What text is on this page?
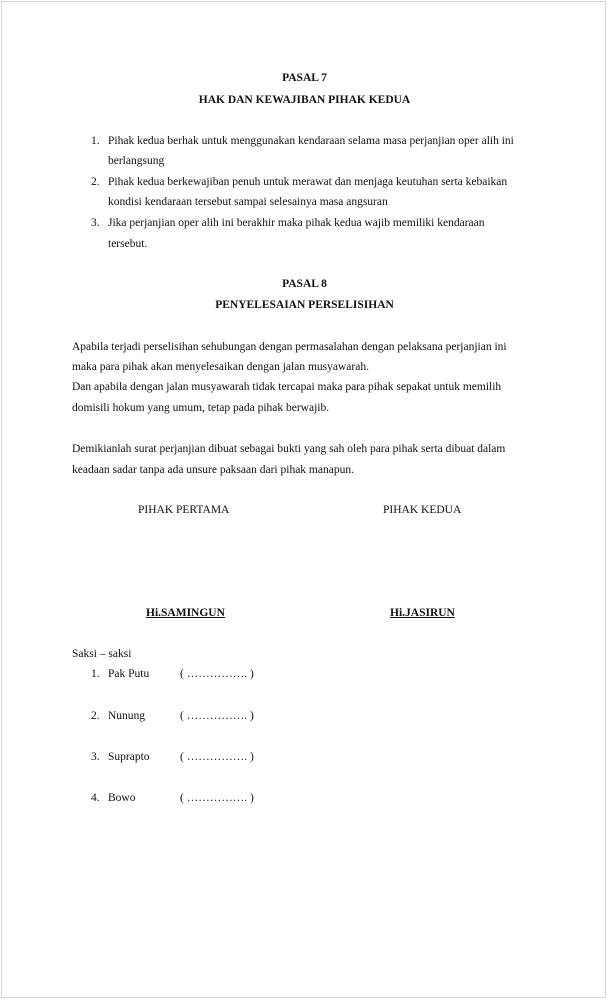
PASAL 7
HAK DAN KEWAJIBAN PIHAK KEDUA
1. Pihak kedua berhak untuk menggunakan kendaraan selama masa perjanjian oper alih ini
berlangsung
2. Pihak kedua berkewajiban penuh untuk merawat dan menjaga keutuhan serta kebaikan
kondisi kendaraan tersebut sampai selesainya masa angsuran
3. Jika perjanjian oper alih ini berakhir maka pihak kedua wajib memiliki kendaraan
tersebut.
PASAL 8
PENYELESAIAN PERSELISIHAN
Apabila terjadi perselisihan sehubungan dengan permasalahan dengan pelaksana perjanjian ini
maka para pihak akan menyelesaikan dengan jalan musyawarah.
Dan apabila dengan jalan musyawarah tidak tercapai maka para pihak sepakat untuk memilih
domisili hokum yang umum, tetap pada pihak berwajib.
Demikianlah surat perjanjian dibuat sebagai bukti yang sah oleh para pihak serta dibuat dalam
keadaan sadar tanpa ada unsure paksaan dari pihak manapun.
PIHAK PERTAMA	PIHAK KEDUA
Hi.SAMINGUN	Hi.JASIRUN
Saksi – saksi
1. Pak Putu	( ……………. )
2. Nunung	( ……………. )
3. Suprapto	( ……………. )
4. Bowo	( ……………. )
